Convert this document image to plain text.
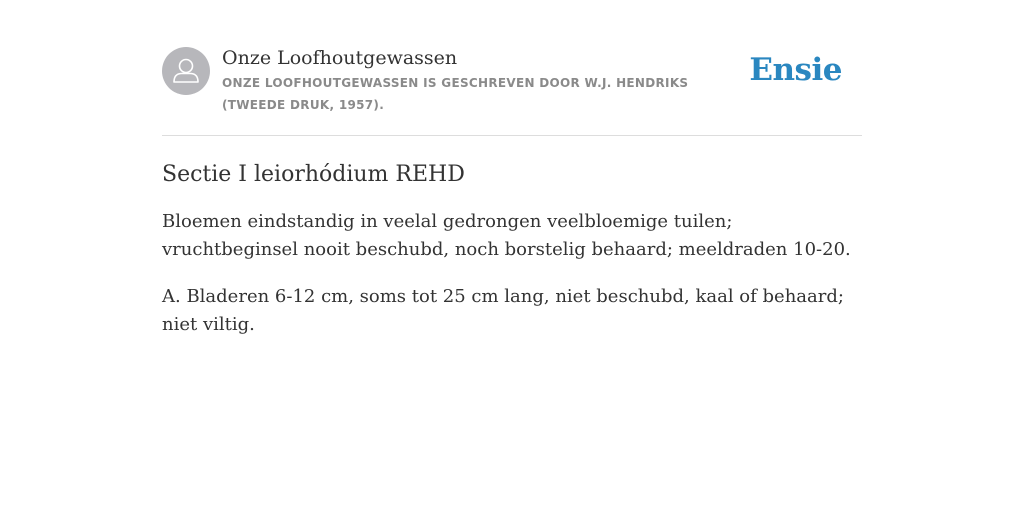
Onze Loofhoutgewassen
ONZE LOOFHOUTGEWASSEN IS GESCHREVEN DOOR W.J. HENDRIKS (TWEEDE DRUK, 1957).
Ensie
Sectie I leiorhódium REHD

Bloemen eindstandig in veelal gedrongen veelbloemige tuilen; vruchtbeginsel nooit beschubd, noch borstelig behaard; meeldraden 10-20.

A. Bladeren 6-12 cm, soms tot 25 cm lang, niet beschubd, kaal of behaard; niet viltig.
